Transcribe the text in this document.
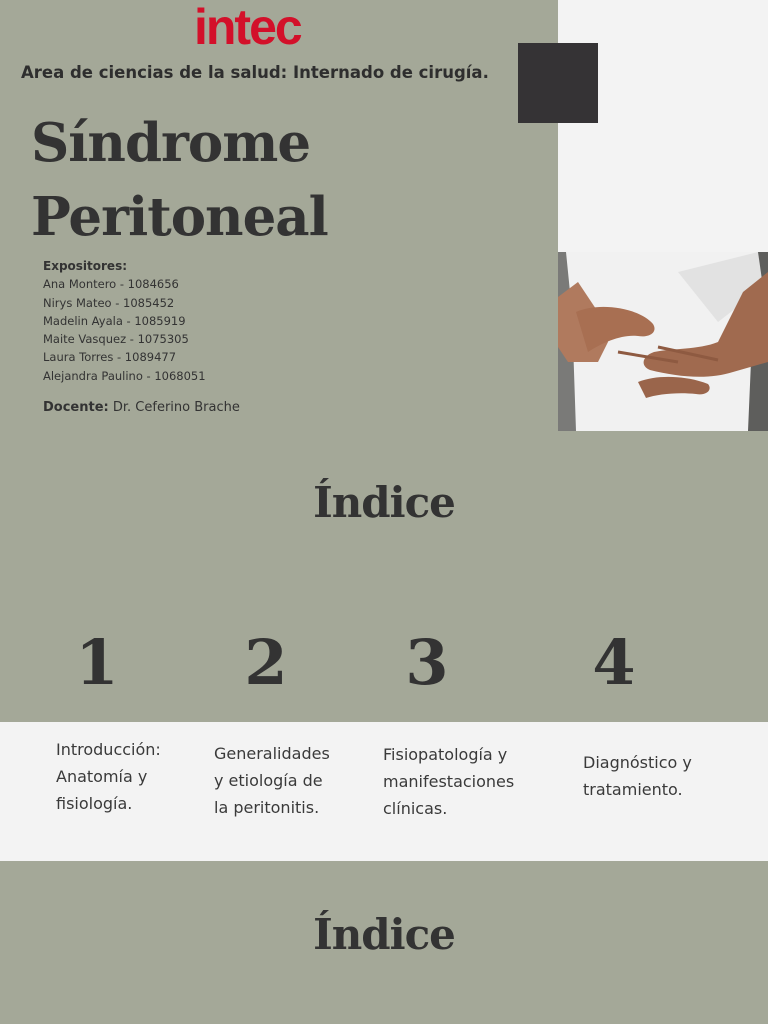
intec
Area de ciencias de la salud: Internado de cirugía.
Síndrome
Peritoneal
Expositores:
Ana Montero - 1084656
Nirys Mateo - 1085452
Madelin Ayala - 1085919
Maite Vasquez - 1075305
Laura Torres - 1089477
Alejandra Paulino - 1068051
Docente: Dr. Ceferino Brache
Índice
1 2 3 4
Introducción:
Anatomía y
fisiología.
Generalidades
y etiología de
la peritonitis.
Fisiopatología y
manifestaciones
clínicas.
Diagnóstico y
tratamiento.
Índice
